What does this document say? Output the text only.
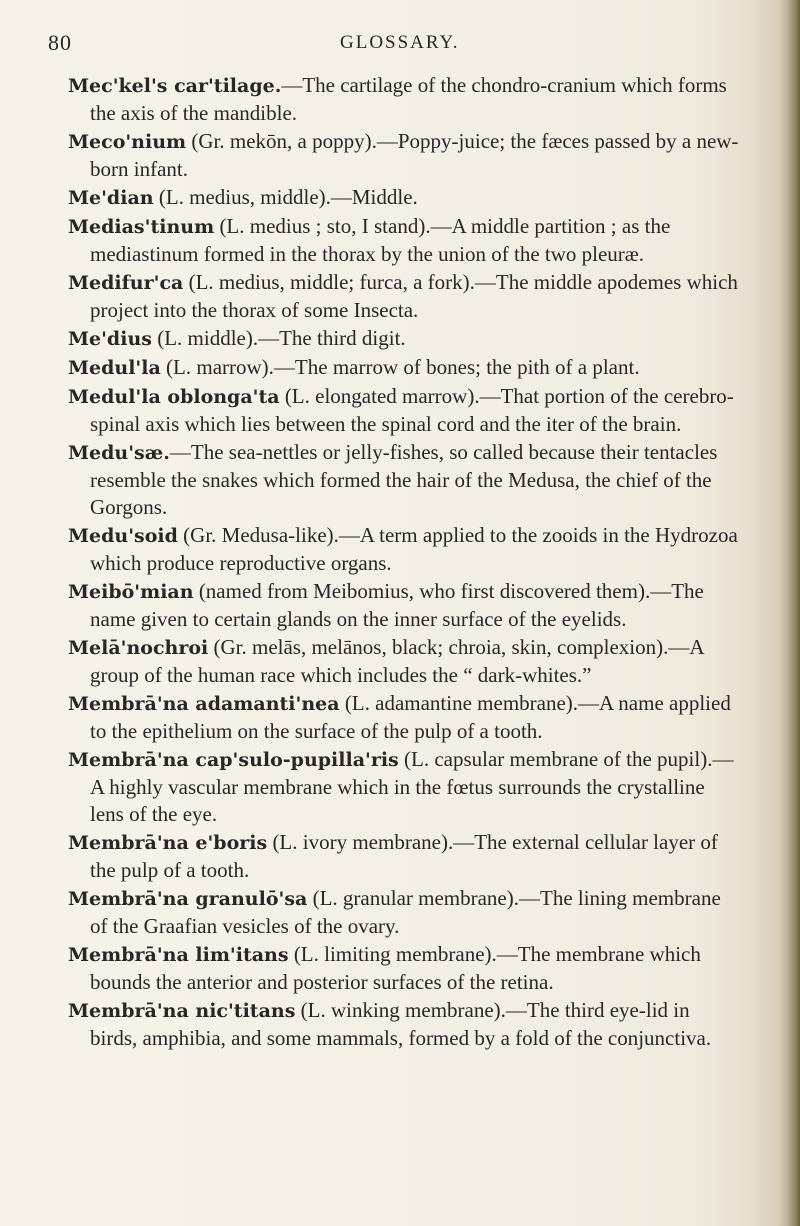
80	GLOSSARY.

Mec'kel's car'tilage.—The cartilage of the chondro-cranium which forms the axis of the mandible.

Meco'nium (Gr. mekōn, a poppy).—Poppy-juice; the fæces passed by a new-born infant.

Me'dian (L. medius, middle).—Middle.

Medias'tinum (L. medius ; sto, I stand).—A middle partition ; as the mediastinum formed in the thorax by the union of the two pleuræ.

Medifur'ca (L. medius, middle; furca, a fork).—The middle apodemes which project into the thorax of some Insecta.

Me'dius (L. middle).—The third digit.

Medul'la (L. marrow).—The marrow of bones; the pith of a plant.

Medul'la oblonga'ta (L. elongated marrow).—That portion of the cerebro-spinal axis which lies between the spinal cord and the iter of the brain.

Medu'sæ.—The sea-nettles or jelly-fishes, so called because their tentacles resemble the snakes which formed the hair of the Medusa, the chief of the Gorgons.

Medu'soid (Gr. Medusa-like).—A term applied to the zooids in the Hydrozoa which produce reproductive organs.

Meibō'mian (named from Meibomius, who first discovered them).—The name given to certain glands on the inner surface of the eyelids.

Melā'nochroi (Gr. melās, melānos, black; chroia, skin, complexion).—A group of the human race which includes the “ dark-whites.”

Membrā'na adamanti'nea (L. adamantine membrane).—A name applied to the epithelium on the surface of the pulp of a tooth.

Membrā'na cap'sulo-pupilla'ris (L. capsular membrane of the pupil).—A highly vascular membrane which in the fœtus surrounds the crystalline lens of the eye.

Membrā'na e'boris (L. ivory membrane).—The external cellular layer of the pulp of a tooth.

Membrā'na granulō'sa (L. granular membrane).—The lining membrane of the Graafian vesicles of the ovary.

Membrā'na lim'itans (L. limiting membrane).—The membrane which bounds the anterior and posterior surfaces of the retina.

Membrā'na nic'titans (L. winking membrane).—The third eye-lid in birds, amphibia, and some mammals, formed by a fold of the conjunctiva.
